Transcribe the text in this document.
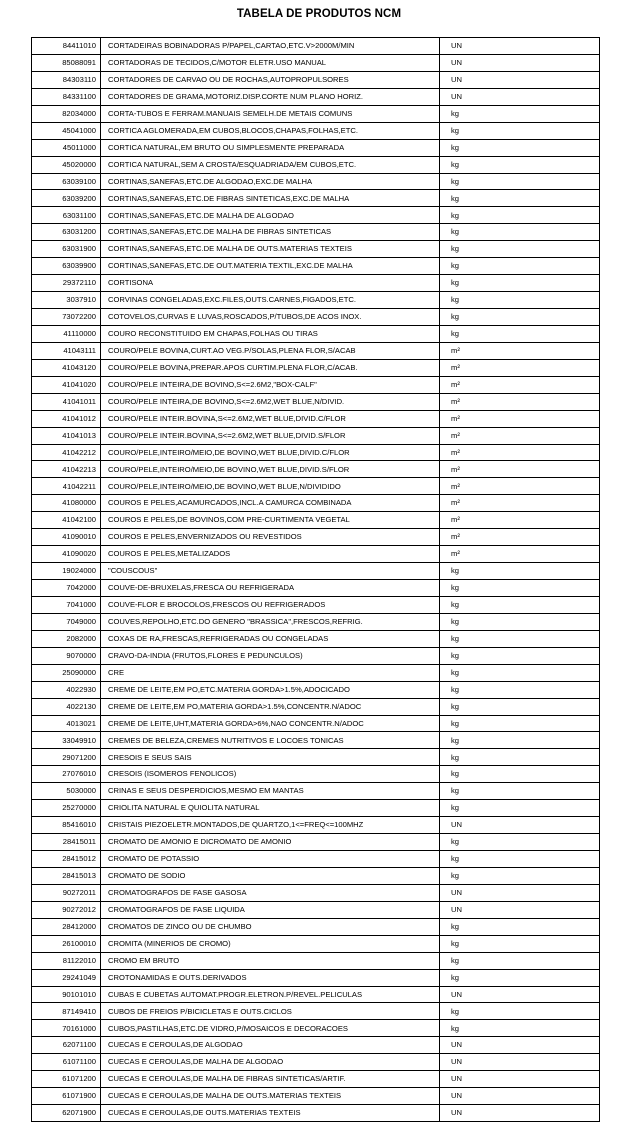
TABELA DE PRODUTOS NCM
84411010	CORTADEIRAS BOBINADORAS P/PAPEL,CARTAO,ETC.V>2000M/MIN	UN
85088091	CORTADORAS DE TECIDOS,C/MOTOR ELETR.USO MANUAL	UN
84303110	CORTADORES DE CARVAO OU DE ROCHAS,AUTOPROPULSORES	UN
84331100	CORTADORES DE GRAMA,MOTORIZ.DISP.CORTE NUM PLANO HORIZ.	UN
82034000	CORTA-TUBOS E FERRAM.MANUAIS SEMELH.DE METAIS COMUNS	kg
45041000	CORTICA AGLOMERADA,EM CUBOS,BLOCOS,CHAPAS,FOLHAS,ETC.	kg
45011000	CORTICA NATURAL,EM BRUTO OU SIMPLESMENTE PREPARADA	kg
45020000	CORTICA NATURAL,SEM A CROSTA/ESQUADRIADA/EM CUBOS,ETC.	kg
63039100	CORTINAS,SANEFAS,ETC.DE ALGODAO,EXC.DE MALHA	kg
63039200	CORTINAS,SANEFAS,ETC.DE FIBRAS SINTETICAS,EXC.DE MALHA	kg
63031100	CORTINAS,SANEFAS,ETC.DE MALHA DE ALGODAO	kg
63031200	CORTINAS,SANEFAS,ETC.DE MALHA DE FIBRAS SINTETICAS	kg
63031900	CORTINAS,SANEFAS,ETC.DE MALHA DE OUTS.MATERIAS TEXTEIS	kg
63039900	CORTINAS,SANEFAS,ETC.DE OUT.MATERIA TEXTIL,EXC.DE MALHA	kg
29372110	CORTISONA	kg
3037910	CORVINAS CONGELADAS,EXC.FILES,OUTS.CARNES,FIGADOS,ETC.	kg
73072200	COTOVELOS,CURVAS E LUVAS,ROSCADOS,P/TUBOS,DE ACOS INOX.	kg
41110000	COURO RECONSTITUIDO EM CHAPAS,FOLHAS OU TIRAS	kg
41043111	COURO/PELE BOVINA,CURT.AO VEG.P/SOLAS,PLENA FLOR,S/ACAB	m²
41043120	COURO/PELE BOVINA,PREPAR.APOS CURTIM.PLENA FLOR,C/ACAB.	m²
41041020	COURO/PELE INTEIRA,DE BOVINO,S<=2.6M2,"BOX-CALF"	m²
41041011	COURO/PELE INTEIRA,DE BOVINO,S<=2.6M2,WET BLUE,N/DIVID.	m²
41041012	COURO/PELE INTEIR.BOVINA,S<=2.6M2,WET BLUE,DIVID.C/FLOR	m²
41041013	COURO/PELE INTEIR.BOVINA,S<=2.6M2,WET BLUE,DIVID.S/FLOR	m²
41042212	COURO/PELE,INTEIRO/MEIO,DE BOVINO,WET BLUE,DIVID.C/FLOR	m²
41042213	COURO/PELE,INTEIRO/MEIO,DE BOVINO,WET BLUE,DIVID.S/FLOR	m²
41042211	COURO/PELE,INTEIRO/MEIO,DE BOVINO,WET BLUE,N/DIVIDIDO	m²
41080000	COUROS E PELES,ACAMURCADOS,INCL.A CAMURCA COMBINADA	m²
41042100	COUROS E PELES,DE BOVINOS,COM PRE-CURTIMENTA VEGETAL	m²
41090010	COUROS E PELES,ENVERNIZADOS OU REVESTIDOS	m²
41090020	COUROS E PELES,METALIZADOS	m²
19024000	"COUSCOUS"	kg
7042000	COUVE-DE-BRUXELAS,FRESCA OU REFRIGERADA	kg
7041000	COUVE-FLOR E BROCOLOS,FRESCOS OU REFRIGERADOS	kg
7049000	COUVES,REPOLHO,ETC.DO GENERO "BRASSICA",FRESCOS,REFRIG.	kg
2082000	COXAS DE RA,FRESCAS,REFRIGERADAS OU CONGELADAS	kg
9070000	CRAVO-DA-INDIA (FRUTOS,FLORES E PEDUNCULOS)	kg
25090000	CRE	kg
4022930	CREME DE LEITE,EM PO,ETC.MATERIA GORDA>1.5%,ADOCICADO	kg
4022130	CREME DE LEITE,EM PO,MATERIA GORDA>1.5%,CONCENTR.N/ADOC	kg
4013021	CREME DE LEITE,UHT,MATERIA GORDA>6%,NAO CONCENTR.N/ADOC	kg
33049910	CREMES DE BELEZA,CREMES NUTRITIVOS E LOCOES TONICAS	kg
29071200	CRESOIS E SEUS SAIS	kg
27076010	CRESOIS (ISOMEROS FENOLICOS)	kg
5030000	CRINAS E SEUS DESPERDICIOS,MESMO EM MANTAS	kg
25270000	CRIOLITA NATURAL E QUIOLITA NATURAL	kg
85416010	CRISTAIS PIEZOELETR.MONTADOS,DE QUARTZO,1<=FREQ<=100MHZ	UN
28415011	CROMATO DE AMONIO E DICROMATO DE AMONIO	kg
28415012	CROMATO DE POTASSIO	kg
28415013	CROMATO DE SODIO	kg
90272011	CROMATOGRAFOS DE FASE GASOSA	UN
90272012	CROMATOGRAFOS DE FASE LIQUIDA	UN
28412000	CROMATOS DE ZINCO OU DE CHUMBO	kg
26100010	CROMITA (MINERIOS DE CROMO)	kg
81122010	CROMO EM BRUTO	kg
29241049	CROTONAMIDAS E OUTS.DERIVADOS	kg
90101010	CUBAS E CUBETAS AUTOMAT.PROGR.ELETRON.P/REVEL.PELICULAS	UN
87149410	CUBOS DE FREIOS P/BICICLETAS E OUTS.CICLOS	kg
70161000	CUBOS,PASTILHAS,ETC.DE VIDRO,P/MOSAICOS E DECORACOES	kg
62071100	CUECAS E CEROULAS,DE ALGODAO	UN
61071100	CUECAS E CEROULAS,DE MALHA DE ALGODAO	UN
61071200	CUECAS E CEROULAS,DE MALHA DE FIBRAS SINTETICAS/ARTIF.	UN
61071900	CUECAS E CEROULAS,DE MALHA DE OUTS.MATERIAS TEXTEIS	UN
62071900	CUECAS E CEROULAS,DE OUTS.MATERIAS TEXTEIS	UN
